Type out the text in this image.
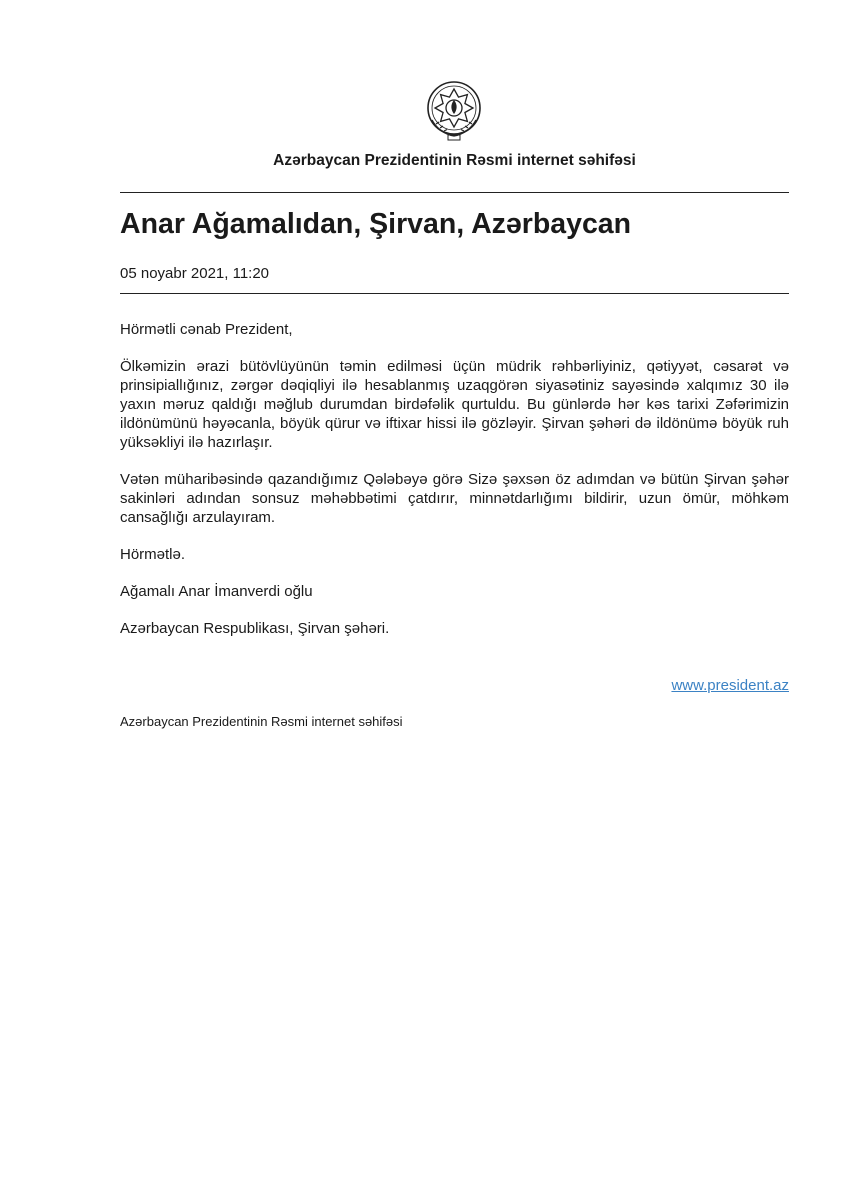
Azərbaycan Prezidentinin Rəsmi internet səhifəsi
Anar Ağamalıdan, Şirvan, Azərbaycan
05 noyabr 2021, 11:20

Hörmətli cənab Prezident,

Ölkəmizin ərazi bütövlüyünün təmin edilməsi üçün müdrik rəhbərliyiniz, qətiyyət, cəsarət və prinsipiallığınız, zərgər dəqiqliyi ilə hesablanmış uzaqgörən siyasətiniz sayəsində xalqımız 30 ilə yaxın məruz qaldığı məğlub durumdan birdəfəlik qurtuldu. Bu günlərdə hər kəs tarixi Zəfərimizin ildönümünü həyəcanla, böyük qürur və iftixar hissi ilə gözləyir. Şirvan şəhəri də ildönümə böyük ruh yüksəkliyi ilə hazırlaşır.

Vətən müharibəsində qazandığımız Qələbəyə görə Sizə şəxsən öz adımdan və bütün Şirvan şəhər sakinləri adından sonsuz məhəbbətimi çatdırır, minnətdarlığımı bildirir, uzun ömür, möhkəm cansağlığı arzulayıram.

Hörmətlə.

Ağamalı Anar İmanverdi oğlu

Azərbaycan Respublikası, Şirvan şəhəri.

www.president.az
Azərbaycan Prezidentinin Rəsmi internet səhifəsi
